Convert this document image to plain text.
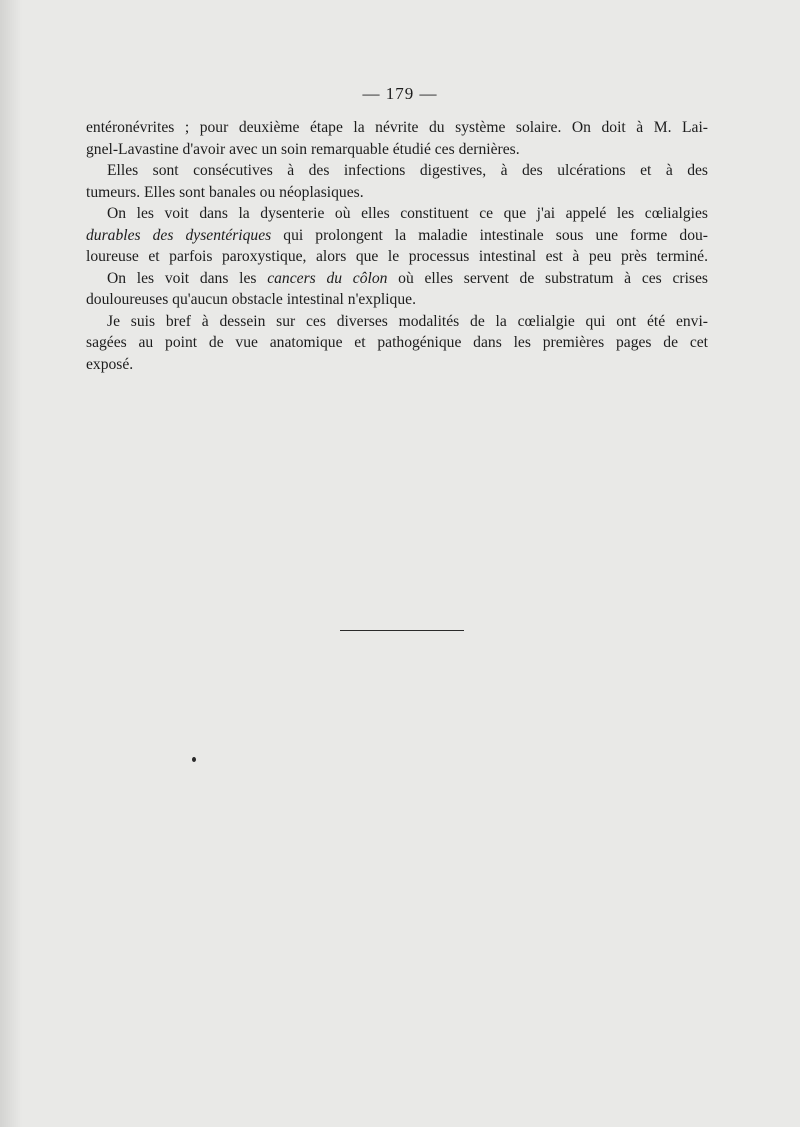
— 179 —

entéronévrites ; pour deuxième étape la névrite du système solaire. On doit à M. Lai-
gnel-Lavastine d'avoir avec un soin remarquable étudié ces dernières.

Elles sont consécutives à des infections digestives, à des ulcérations et à des
tumeurs. Elles sont banales ou néoplasiques.

On les voit dans la dysenterie où elles constituent ce que j'ai appelé les cœlialgies
durables des dysentériques qui prolongent la maladie intestinale sous une forme dou-
loureuse et parfois paroxystique, alors que le processus intestinal est à peu près terminé.

On les voit dans les cancers du côlon où elles servent de substratum à ces crises
douloureuses qu'aucun obstacle intestinal n'explique.

Je suis bref à dessein sur ces diverses modalités de la cœlialgie qui ont été envi-
sagées au point de vue anatomique et pathogénique dans les premières pages de cet
exposé.
